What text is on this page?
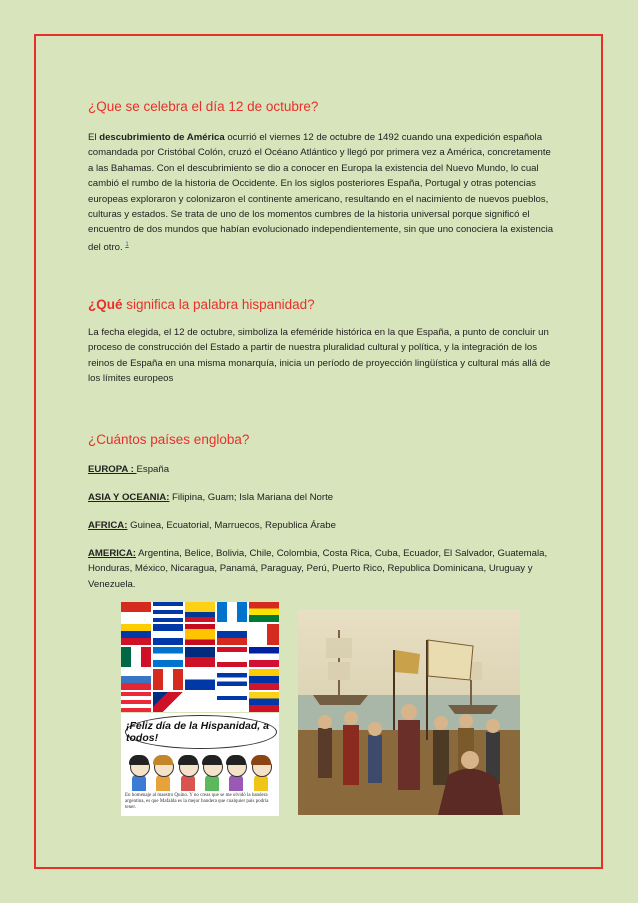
¿Que se celebra el día 12 de octubre?

El descubrimiento de América ocurrió el viernes 12 de octubre de 1492 cuando una expedición española comandada por Cristóbal Colón, cruzó el Océano Atlántico y llegó por primera vez a América, concretamente a las Bahamas. Con el descubrimiento se dio a conocer en Europa la existencia del Nuevo Mundo, lo cual cambió el rumbo de la historia de Occidente. En los siglos posteriores España, Portugal y otras potencias europeas exploraron y colonizaron el continente americano, resultando en el nacimiento de nuevos pueblos, culturas y estados. Se trata de uno de los momentos cumbres de la historia universal porque significó el encuentro de dos mundos que habían evolucionado independientemente, sin que uno conociera la existencia del otro. $^1$

¿Qué significa la palabra hispanidad?

La fecha elegida, el 12 de octubre, simboliza la efeméride histórica en la que España, a punto de concluir un proceso de construcción del Estado a partir de nuestra pluralidad cultural y política, y la integración de los reinos de España en una misma monarquía, inicia un período de proyección lingüística y cultural más allá de los límites europeos

¿Cuántos países engloba?
EUROPA : España
ASIA Y OCEANIA: Filipina, Guam; Isla Mariana del Norte
AFRICA: Guinea, Ecuatorial, Marruecos, Republica Árabe
AMERICA: Argentina, Belice, Bolivia, Chile, Colombia, Costa Rica, Cuba, Ecuador, El Salvador, Guatemala, Honduras, México, Nicaragua, Panamá, Paraguay, Perú, Puerto Rico, Republica Dominicana, Uruguay y Venezuela.
¡Feliz día de la Hispanidad, a todos!
En homenaje al maestro Quino. Y no creas que se me olvidó la bandera argentina, es que Mafalda es la mejor bandera que cualquier país podría tener.
